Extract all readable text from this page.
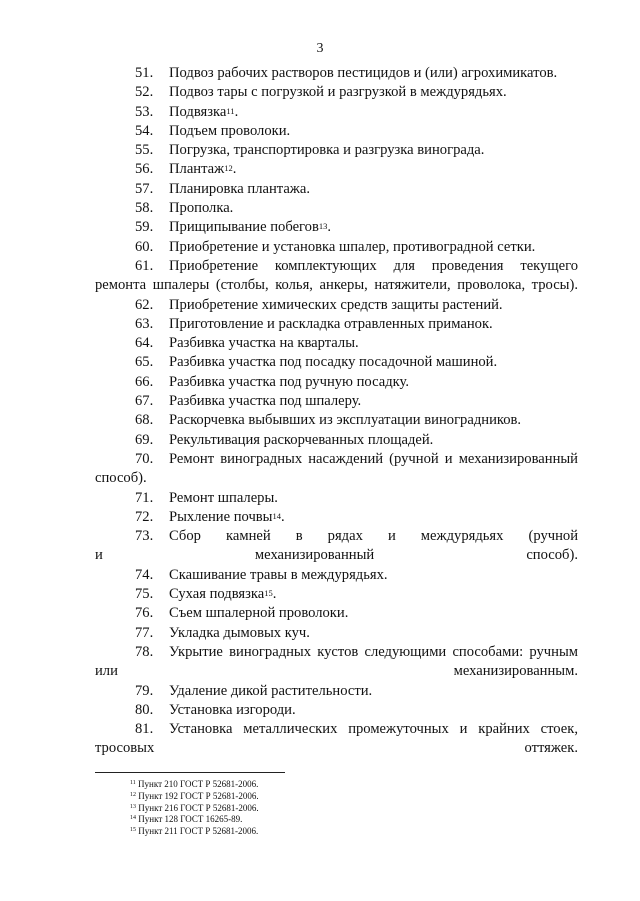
3
51. Подвоз рабочих растворов пестицидов и (или) агрохимикатов.
52. Подвоз тары с погрузкой и разгрузкой в междурядьях.
53. Подвязка$^{11}$.
54. Подъем проволоки.
55. Погрузка, транспортировка и разгрузка винограда.
56. Плантаж$^{12}$.
57. Планировка плантажа.
58. Прополка.
59. Прищипывание побегов$^{13}$.
60. Приобретение и установка шпалер, противоградной сетки.
61. Приобретение комплектующих для проведения текущего
ремонта шпалеры (столбы, колья, анкеры, натяжители, проволока, тросы).
62. Приобретение химических средств защиты растений.
63. Приготовление и раскладка отравленных приманок.
64. Разбивка участка на кварталы.
65. Разбивка участка под посадку посадочной машиной.
66. Разбивка участка под ручную посадку.
67. Разбивка участка под шпалеру.
68. Раскорчевка выбывших из эксплуатации виноградников.
69. Рекультивация раскорчеванных площадей.
70. Ремонт виноградных насаждений (ручной и механизированный
способ).
71. Ремонт шпалеры.
72. Рыхление почвы$^{14}$.
73. Сбор камней в рядах и междурядьях (ручной
и механизированный способ).
74. Скашивание травы в междурядьях.
75. Сухая подвязка$^{15}$.
76. Съем шпалерной проволоки.
77. Укладка дымовых куч.
78. Укрытие виноградных кустов следующими способами: ручным
или механизированным.
79. Удаление дикой растительности.
80. Установка изгороди.
81. Установка металлических промежуточных и крайних стоек,
тросовых оттяжек.
$^{11}$ Пункт 210 ГОСТ Р 52681-2006.
$^{12}$ Пункт 192 ГОСТ Р 52681-2006.
$^{13}$ Пункт 216 ГОСТ Р 52681-2006.
$^{14}$ Пункт 128 ГОСТ 16265-89.
$^{15}$ Пункт 211 ГОСТ Р 52681-2006.
